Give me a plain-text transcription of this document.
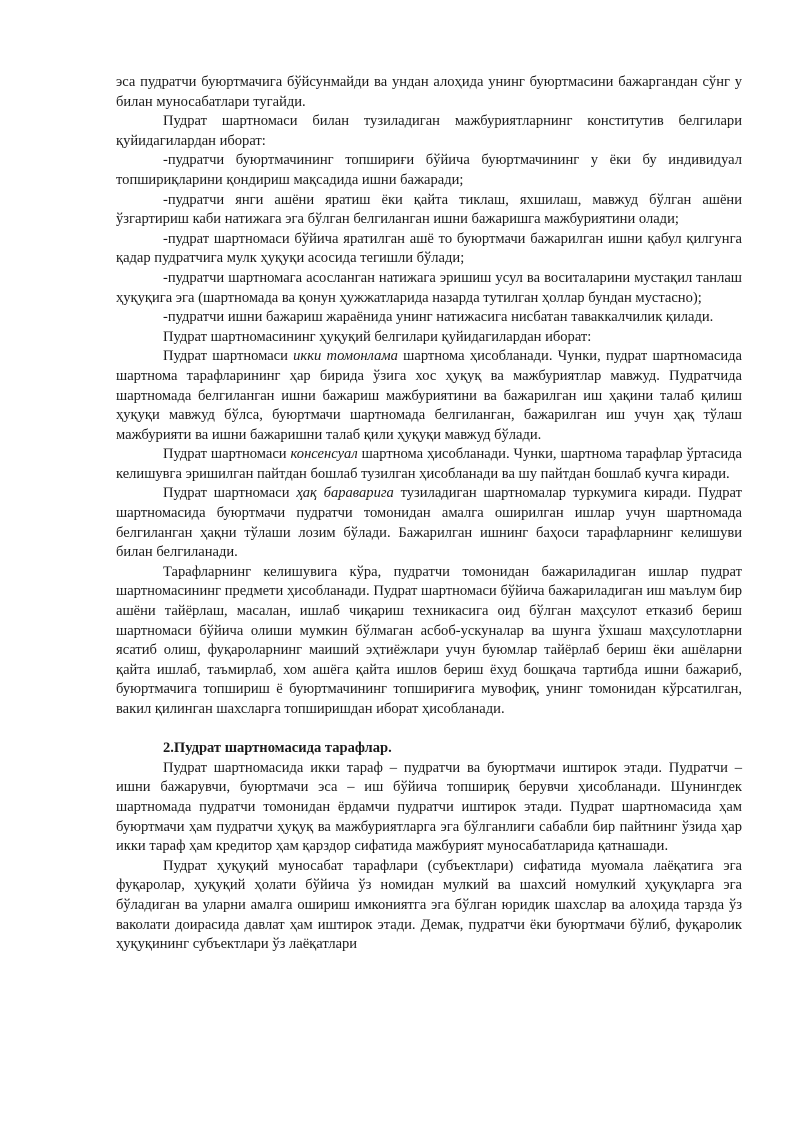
эса пудратчи буюртмачига бўйсунмайди ва ундан алоҳида унинг буюртмасини бажаргандан сўнг у билан муносабатлари тугайди.

Пудрат шартномаси билан тузиладиган мажбуриятларнинг конститутив белгилари қуйидагилардан иборат:

-пудратчи буюртмачининг топшириғи бўйича буюртмачининг у ёки бу индивидуал топшириқларини қондириш мақсадида ишни бажаради;

-пудратчи янги ашёни яратиш ёки қайта тиклаш, яхшилаш, мавжуд бўлган ашёни ўзгартириш каби натижага эга бўлган белгиланган ишни бажаришга мажбуриятини олади;

-пудрат шартномаси бўйича яратилган ашё то буюртмачи бажарилган ишни қабул қилгунга қадар пудратчига мулк ҳуқуқи асосида тегишли бўлади;

-пудратчи шартномага асосланган натижага эришиш усул ва воситаларини мустақил танлаш ҳуқуқига эга (шартномада ва қонун ҳужжатларида назарда тутилган ҳоллар бундан мустасно);

-пудратчи ишни бажариш жараёнида унинг натижасига нисбатан таваккалчилик қилади.

Пудрат шартномасининг ҳуқуқий белгилари қуйидагилардан иборат:

Пудрат шартномаси икки томонлама шартнома ҳисобланади. Чунки, пудрат шартномасида шартнома тарафларининг ҳар бирида ўзига хос ҳуқуқ ва мажбуриятлар мавжуд. Пудратчида шартномада белгиланган ишни бажариш мажбуриятини ва бажарилган иш ҳақини талаб қилиш ҳуқуқи мавжуд бўлса, буюртмачи шартномада белгиланган, бажарилган иш учун ҳақ тўлаш мажбурияти ва ишни бажаришни талаб қили ҳуқуқи мавжуд бўлади.

Пудрат шартномаси консенсуал шартнома ҳисобланади. Чунки, шартнома тарафлар ўртасида келишувга эришилган пайтдан бошлаб тузилган ҳисобланади ва шу пайтдан бошлаб кучга киради.

Пудрат шартномаси ҳақ бараварига тузиладиган шартномалар туркумига киради. Пудрат шартномасида буюртмачи пудратчи томонидан амалга оширилган ишлар учун шартномада белгиланган ҳақни тўлаши лозим бўлади. Бажарилган ишнинг баҳоси тарафларнинг келишуви билан белгиланади.

Тарафларнинг келишувига кўра, пудратчи томонидан бажариладиган ишлар пудрат шартномасининг предмети ҳисобланади. Пудрат шартномаси бўйича бажариладиган иш маълум бир ашёни тайёрлаш, масалан, ишлаб чиқариш техникасига оид бўлган маҳсулот етказиб бериш шартномаси бўйича олиши мумкин бўлмаган асбоб-ускуналар ва шунга ўхшаш маҳсулотларни ясатиб олиш, фуқароларнинг маиший эҳтиёжлари учун буюмлар тайёрлаб бериш ёки ашёларни қайта ишлаб, таъмирлаб, хом ашёга қайта ишлов бериш ёхуд бошқача тартибда ишни бажариб, буюртмачига топшириш ё буюртмачининг топшириғига мувофиқ, унинг томонидан кўрсатилган, вакил қилинган шахсларга топширишдан иборат ҳисобланади.

2.Пудрат шартномасида тарафлар.

Пудрат шартномасида икки тараф – пудратчи ва буюртмачи иштирок этади. Пудратчи – ишни бажарувчи, буюртмачи эса – иш бўйича топшириқ берувчи ҳисобланади. Шунингдек шартномада пудратчи томонидан ёрдамчи пудратчи иштирок этади. Пудрат шартномасида ҳам буюртмачи ҳам пудратчи ҳуқуқ ва мажбуриятларга эга бўлганлиги сабабли бир пайтнинг ўзида ҳар икки тараф ҳам кредитор ҳам қарздор сифатида мажбурият муносабатларида қатнашади.

Пудрат ҳуқуқий муносабат тарафлари (субъектлари) сифатида муомала лаёқатига эга фуқаролар, ҳуқуқий ҳолати бўйича ўз номидан мулкий ва шахсий номулкий ҳуқуқларга эга бўладиган ва уларни амалга ошириш имкониятга эга бўлган юридик шахслар ва алоҳида тарзда ўз ваколати доирасида давлат ҳам иштирок этади. Демак, пудратчи ёки буюртмачи бўлиб, фуқаролик ҳуқуқининг субъектлари ўз лаёқатлари
